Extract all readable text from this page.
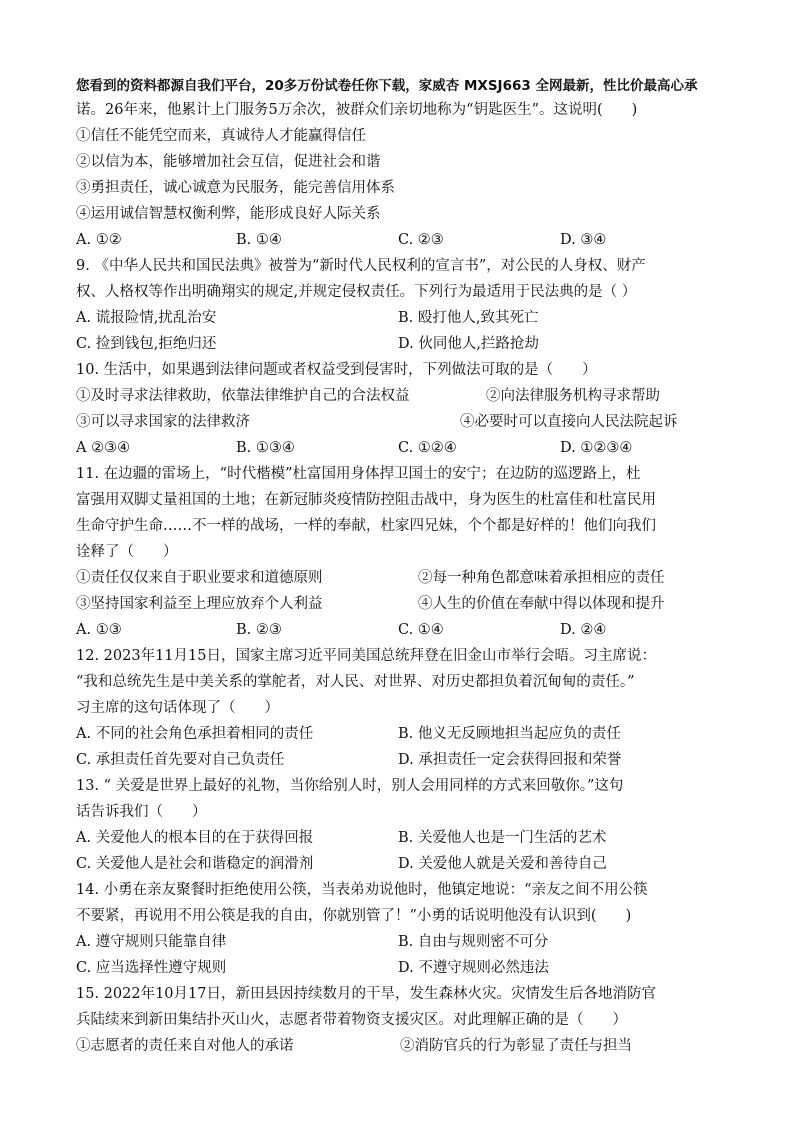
您看到的资料都源自我们平台，20多万份试卷任你下载，家威杏 MXSJ663 全网最新，性比价最高心承
诺。26年来，他累计上门服务5万余次，被群众们亲切地称为“钥匙医生”。这说明(　　)
①信任不能凭空而来，真诚待人才能赢得信任
②以信为本，能够增加社会互信，促进社会和谐
③勇担责任，诚心诚意为民服务，能完善信用体系
④运用诚信智慧权衡利弊，能形成良好人际关系
A. ①②	B. ①④	C. ②③	D. ③④
9. 《中华人民共和国民法典》被誉为“新时代人民权利的宣言书”，对公民的人身权、财产
权、人格权等作出明确翔实的规定,并规定侵权责任。下列行为最适用于民法典的是（ ）
A. 谎报险情,扰乱治安	B. 殴打他人,致其死亡
C. 捡到钱包,拒绝归还	D. 伙同他人,拦路抢劫
10. 生活中，如果遇到法律问题或者权益受到侵害时，下列做法可取的是（　　）
①及时寻求法律救助，依靠法律维护自己的合法权益	②向法律服务机构寻求帮助
③可以寻求国家的法律救济	④必要时可以直接向人民法院起诉
A ②③④	B. ①③④	C. ①②④	D. ①②③④
11. 在边疆的雷场上，“时代楷模”杜富国用身体捍卫国士的安宁；在边防的巡逻路上，杜
富强用双脚丈量祖国的土地；在新冠肺炎疫情防控阻击战中，身为医生的杜富佳和杜富民用
生命守护生命……不一样的战场，一样的奉献，杜家四兄妹，个个都是好样的！他们向我们
诠释了（　　）
①责任仅仅来自于职业要求和道德原则	②每一种角色都意味着承担相应的责任
③坚持国家利益至上理应放弃个人利益	④人生的价值在奉献中得以体现和提升
A. ①③	B. ②③	C. ①④	D. ②④
12. 2023年11月15日，国家主席习近平同美国总统拜登在旧金山市举行会晤。习主席说：
“我和总统先生是中美关系的掌舵者，对人民、对世界、对历史都担负着沉甸甸的责任。”
习主席的这句话体现了（　　）
A. 不同的社会角色承担着相同的责任	B. 他义无反顾地担当起应负的责任
C. 承担责任首先要对自己负责任	D. 承担责任一定会获得回报和荣誉
13. “ 关爱是世界上最好的礼物，当你给别人时，别人会用同样的方式来回敬你。”这句
话告诉我们（　　）
A. 关爱他人的根本目的在于获得回报	B. 关爱他人也是一门生活的艺术
C. 关爱他人是社会和谐稳定的润滑剂	D. 关爱他人就是关爱和善待自己
14. 小勇在亲友聚餐时拒绝使用公筷，当表弟劝说他时，他镇定地说：“亲友之间不用公筷
不要紧，再说用不用公筷是我的自由，你就别管了！”小勇的话说明他没有认识到(　　)
A. 遵守规则只能靠自律	B. 自由与规则密不可分
C. 应当选择性遵守规则	D. 不遵守规则必然违法
15. 2022年10月17日，新田县因持续数月的干旱，发生森林火灾。灾情发生后各地消防官
兵陆续来到新田集结扑灭山火，志愿者带着物资支援灾区。对此理解正确的是（　　）
①志愿者的责任来自对他人的承诺	②消防官兵的行为彰显了责任与担当
